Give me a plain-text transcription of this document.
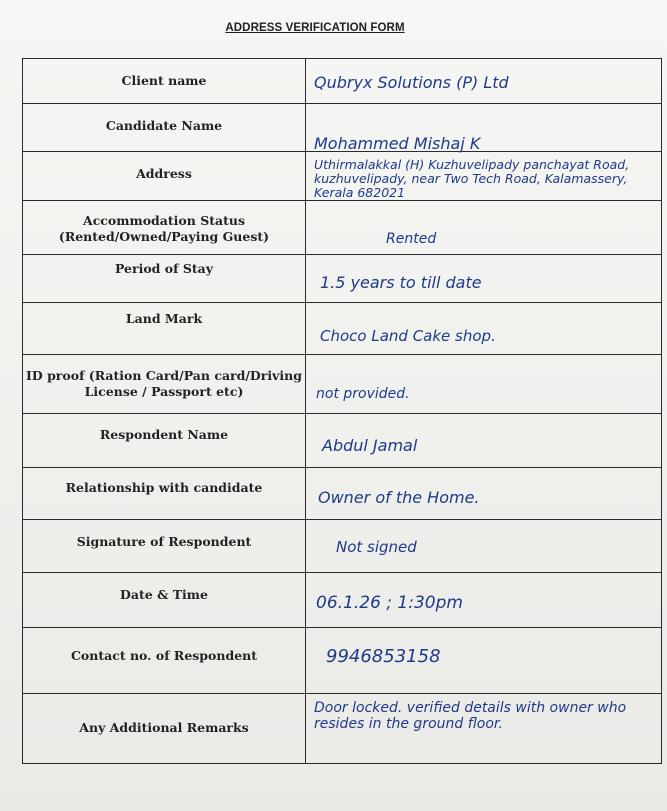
ADDRESS VERIFICATION FORM
Client name	Qubryx Solutions (P) Ltd

Candidate Name	Mohammed Mishaj K

Address	Uthirmalakkal (H) Kuzhuvelipady panchayat Road, kuzhuvelipady, near Two Tech Road, Kalamassery, Kerala 682021

Accommodation Status
(Rented/Owned/Paying Guest)	Rented

Period of Stay	1.5 years to till date

Land Mark	Choco Land Cake shop.

ID proof (Ration Card/Pan card/Driving
License / Passport etc)	not provided.

Respondent Name	Abdul Jamal

Relationship with candidate	Owner of the Home.

Signature of Respondent	Not signed

Date & Time	06.1.26 ; 1:30pm

Contact no. of Respondent	9946853158

Any Additional Remarks	Door locked. verified details with owner who resides in the ground floor.
